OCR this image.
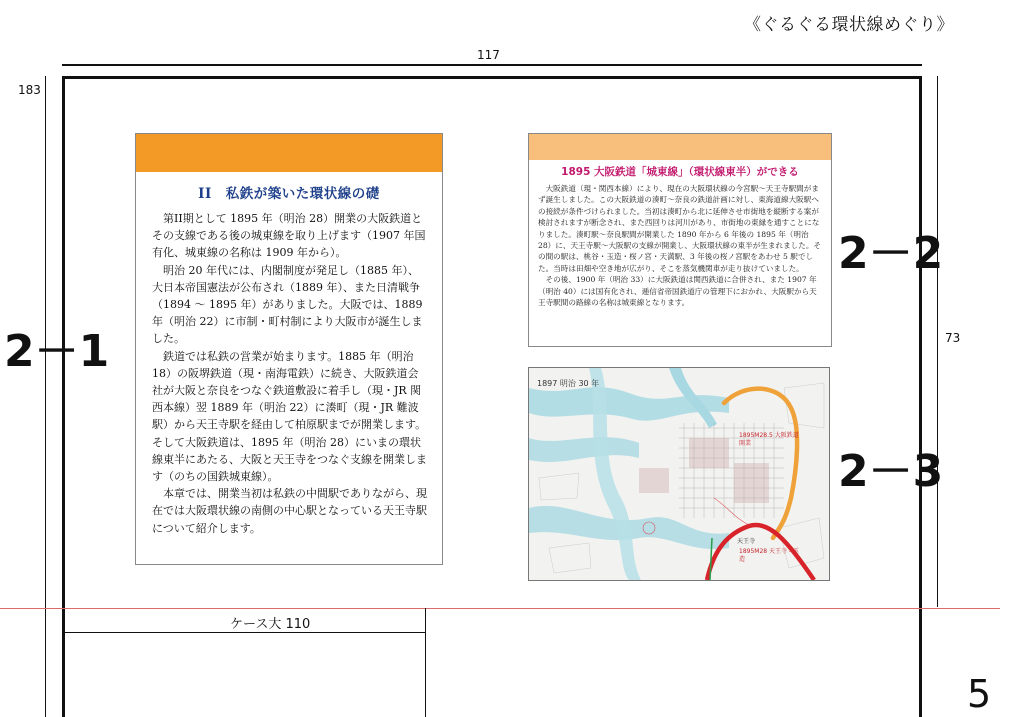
《ぐるぐる環状線めぐり》
117
183
73
2－1
2－2
2－3
II　私鉄が築いた環状線の礎

第II期として 1895 年（明治 28）開業の大阪鉄道とその支線である後の城東線を取り上げます（1907 年国有化、城東線の名称は 1909 年から）。

明治 20 年代には、内閣制度が発足し（1885 年）、大日本帝国憲法が公布され（1889 年）、また日清戦争（1894 ～ 1895 年）がありました。大阪では、1889 年（明治 22）に市制・町村制により大阪市が誕生しました。

鉄道では私鉄の営業が始まります。1885 年（明治 18）の阪堺鉄道（現・南海電鉄）に続き、大阪鉄道会社が大阪と奈良をつなぐ鉄道敷設に着手し（現・JR 関西本線）翌 1889 年（明治 22）に湊町（現・JR 難波駅）から天王寺駅を経由して柏原駅までが開業します。そして大阪鉄道は、1895 年（明治 28）にいまの環状線東半にあたる、大阪と天王寺をつなぐ支線を開業します（のちの国鉄城東線）。

本章では、開業当初は私鉄の中間駅でありながら、現在では大阪環状線の南側の中心駅となっている天王寺駅について紹介します。

1895 大阪鉄道「城東線」（環状線東半）ができる

大阪鉄道（現・関西本線）により、現在の大阪環状線の今宮駅～天王寺駅間がまず誕生しました。この大阪鉄道の湊町～奈良の鉄道計画に対し、東海道線大阪駅への接続が条件づけられました。当初は湊町から北に延伸させ市街地を縦断する案が検討されますが断念され、また西回りは河川があり、市街地の東縁を通すことになりました。湊町駅～奈良駅間が開業した 1890 年から 6 年後の 1895 年（明治 28）に、天王寺駅～大阪駅の支線が開業し、大阪環状線の東半が生まれました。その間の駅は、桃谷・玉造・桜ノ宮・天満駅、3 年後の桜ノ宮駅をあわせ 5 駅でした。当時は田畑や空き地が広がり、そこを蒸気機関車が走り抜けていました。

その後、1900 年（明治 33）に大阪鉄道は関西鉄道に合併され、また 1907 年（明治 40）には国有化され、逓信省帝国鉄道庁の管理下におかれ、大阪駅から天王寺駅間の路線の名称は城東線となります。

1897 明治 30 年
1895M28.5 大阪鉄道開業
1895M28 天王寺 - 玉造
天王寺
ケース大 110
5
